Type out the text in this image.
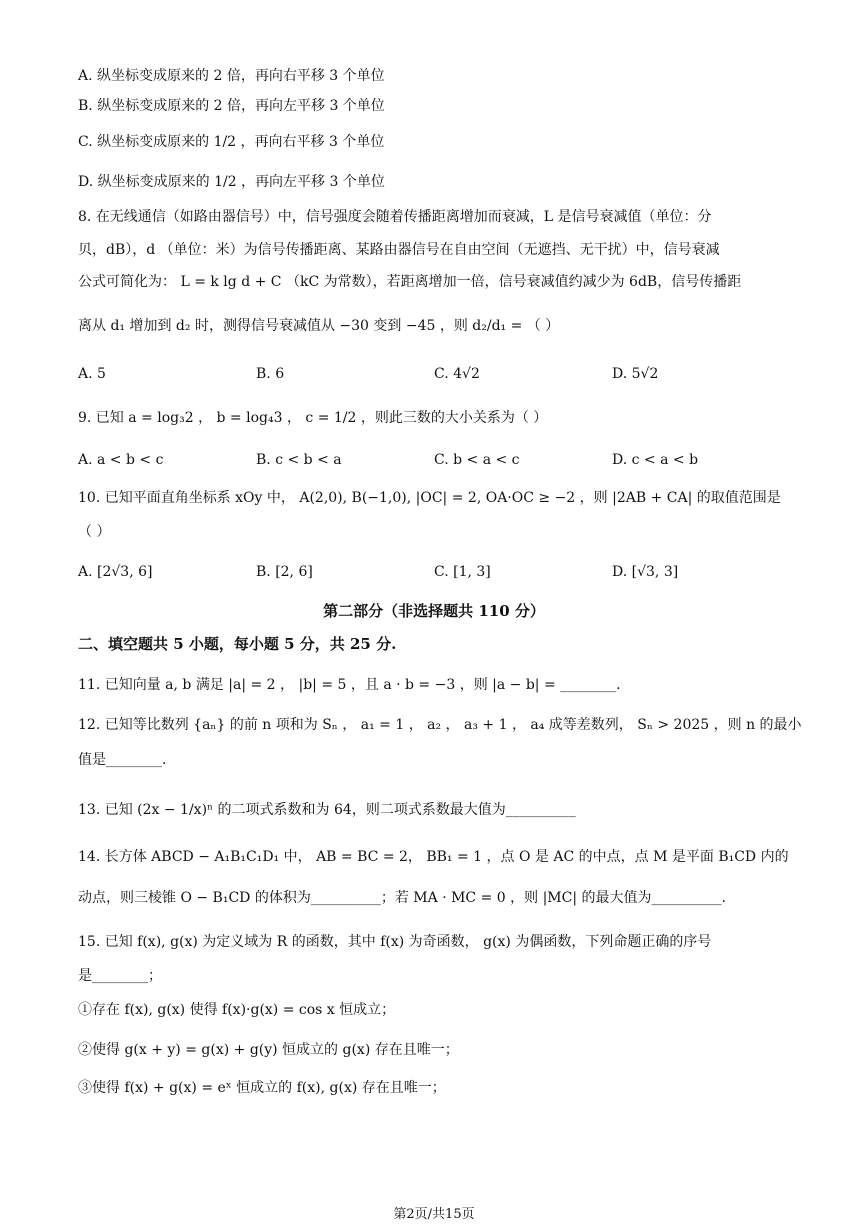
A. 纵坐标变成原来的 2 倍，再向右平移 3 个单位
B. 纵坐标变成原来的 2 倍，再向左平移 3 个单位
C. 纵坐标变成原来的 1/2 ，再向右平移 3 个单位
D. 纵坐标变成原来的 1/2 ，再向左平移 3 个单位
8. 在无线通信（如路由器信号）中，信号强度会随着传播距离增加而衰减，L 是信号衰减值（单位：分
贝，dB），d （单位：米）为信号传播距离、某路由器信号在自由空间（无遮挡、无干扰）中，信号衰减
公式可简化为： L = k lg d + C （kC 为常数），若距离增加一倍，信号衰减值约减少为 6dB，信号传播距
离从 d₁ 增加到 d₂ 时，测得信号衰减值从 −30 变到 −45 ，则 d₂/d₁ = （ ）
A. 5	B. 6	C. 4√2	D. 5√2
9. 已知 a = log₃2 ， b = log₄3 ， c = 1/2 ，则此三数的大小关系为（ ）
A. a < b < c	B. c < b < a	C. b < a < c	D. c < a < b
10. 已知平面直角坐标系 xOy 中， A(2,0), B(−1,0), |OC| = 2, OA·OC ≥ −2 ，则 |2AB + CA| 的取值范围是
（ ）
A. [2√3, 6]	B. [2, 6]	C. [1, 3]	D. [√3, 3]
第二部分（非选择题共 110 分）
二、填空题共 5 小题，每小题 5 分，共 25 分.
11. 已知向量 a, b 满足 |a| = 2 ， |b| = 5 ，且 a · b = −3 ，则 |a − b| = ________.
12. 已知等比数列 {aₙ} 的前 n 项和为 Sₙ ， a₁ = 1 ， a₂ ， a₃ + 1 ， a₄ 成等差数列， Sₙ > 2025 ，则 n 的最小
值是________.
13. 已知 (2x − 1/x)ⁿ 的二项式系数和为 64，则二项式系数最大值为__________
14. 长方体 ABCD − A₁B₁C₁D₁ 中， AB = BC = 2， BB₁ = 1 ，点 O 是 AC 的中点，点 M 是平面 B₁CD 内的
动点，则三棱锥 O − B₁CD 的体积为__________；若 MA · MC = 0 ，则 |MC| 的最大值为__________.
15. 已知 f(x), g(x) 为定义域为 R 的函数，其中 f(x) 为奇函数， g(x) 为偶函数，下列命题正确的序号
是________；
①存在 f(x), g(x) 使得 f(x)·g(x) = cos x 恒成立；
②使得 g(x + y) = g(x) + g(y) 恒成立的 g(x) 存在且唯一；
③使得 f(x) + g(x) = eˣ 恒成立的 f(x), g(x) 存在且唯一；
第2页/共15页
